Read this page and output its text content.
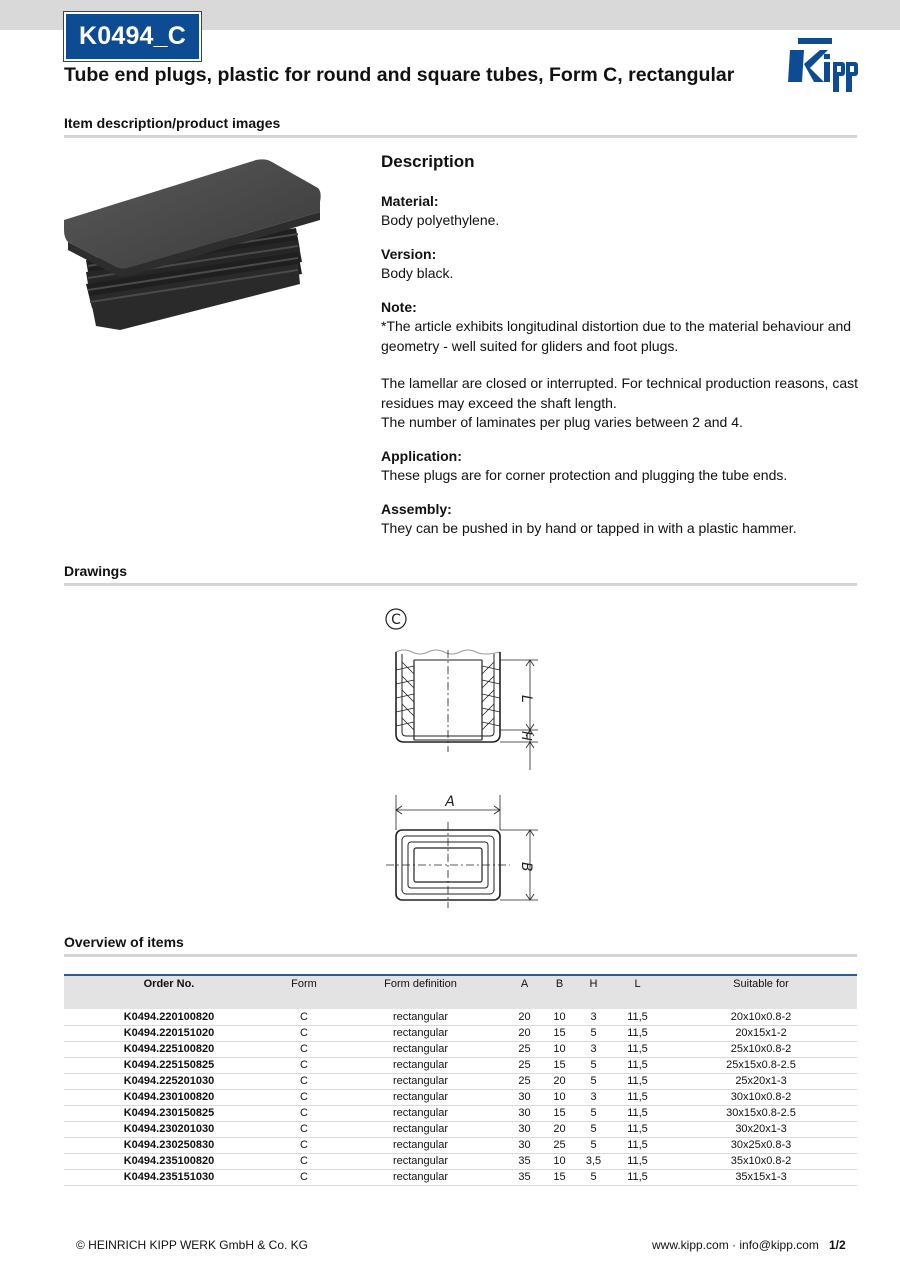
K0494_C
Tube end plugs, plastic for round and square tubes, Form C, rectangular
Item description/product images
Description

Material:

Body polyethylene.

Version:

Body black.

Note:

*The article exhibits longitudinal distortion due to the material behaviour and geometry - well suited for gliders and foot plugs.

The lamellar are closed or interrupted. For technical production reasons, cast residues may exceed the shaft length.

The number of laminates per plug varies between 2 and 4.

Application:

These plugs are for corner protection and plugging the tube ends.

Assembly:

They can be pushed in by hand or tapped in with a plastic hammer.

Drawings
C
L
H
A
B
Overview of items
Order No.	Form	Form definition	A	B	H	L	Suitable for
K0494.220100820	C	rectangular	20	10	3	11,5	20x10x0.8-2
K0494.220151020	C	rectangular	20	15	5	11,5	20x15x1-2
K0494.225100820	C	rectangular	25	10	3	11,5	25x10x0.8-2
K0494.225150825	C	rectangular	25	15	5	11,5	25x15x0.8-2.5
K0494.225201030	C	rectangular	25	20	5	11,5	25x20x1-3
K0494.230100820	C	rectangular	30	10	3	11,5	30x10x0.8-2
K0494.230150825	C	rectangular	30	15	5	11,5	30x15x0.8-2.5
K0494.230201030	C	rectangular	30	20	5	11,5	30x20x1-3
K0494.230250830	C	rectangular	30	25	5	11,5	30x25x0.8-3
K0494.235100820	C	rectangular	35	10	3,5	11,5	35x10x0.8-2
K0494.235151030	C	rectangular	35	15	5	11,5	35x15x1-3
© HEINRICH KIPP WERK GmbH & Co. KG	www.kipp.com · info@kipp.com 1/2
